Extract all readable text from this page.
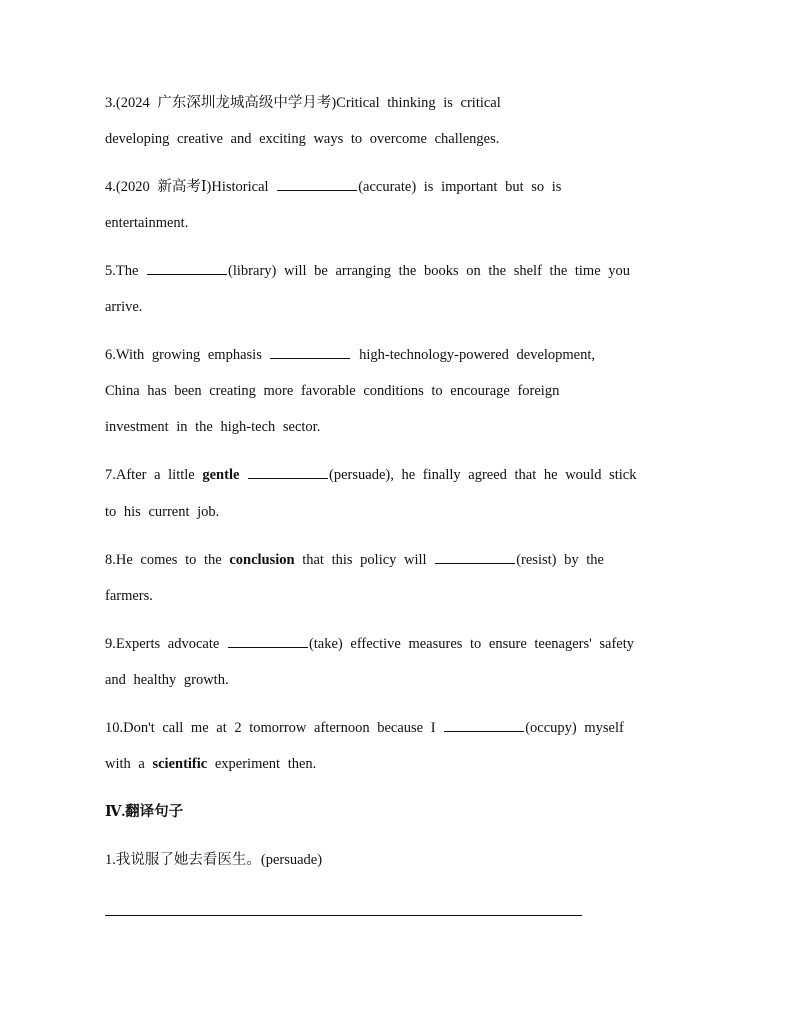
3.(2024 广东深圳龙城高级中学月考)Critical thinking is critical
developing creative and exciting ways to overcome challenges.
4.(2020 新高考Ⅰ)Historical	(accurate) is important but so is
entertainment.
5.The	(library) will be arranging the books on the shelf the time you
arrive.
6.With growing emphasis	high-technology-powered development,
China has been creating more favorable conditions to encourage foreign
investment in the high-tech sector.
7.After a little gentle	(persuade), he finally agreed that he would stick
to his current job.
8.He comes to the conclusion that this policy will	(resist) by the
farmers.
9.Experts advocate	(take) effective measures to ensure teenagers' safety
and healthy growth.
10.Don't call me at 2 tomorrow afternoon because I	(occupy) myself
with a scientific experiment then.
Ⅳ.翻译句子
1.我说服了她去看医生。(persuade)
